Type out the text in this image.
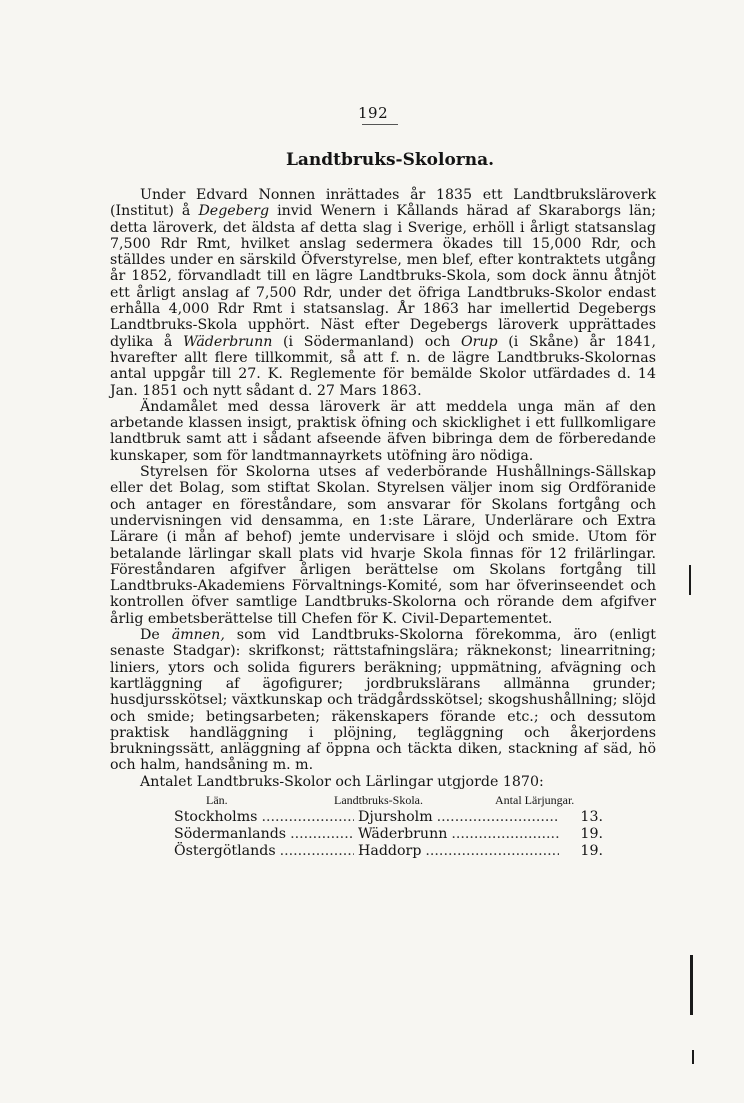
192
Landtbruks-Skolorna.

Under Edvard Nonnen inrättades år 1835 ett Landtbruksläroverk (Institut) å Degeberg invid Wenern i Kållands härad af Skaraborgs län; detta läroverk, det äldsta af detta slag i Sverige, erhöll i årligt statsanslag 7,500 Rdr Rmt, hvilket anslag sedermera ökades till 15,000 Rdr, och ställdes under en särskild Öfverstyrelse, men blef, efter kontraktets utgång år 1852, förvandladt till en lägre Landtbruks-Skola, som dock ännu åtnjöt ett årligt anslag af 7,500 Rdr, under det öfriga Landtbruks-Skolor endast erhålla 4,000 Rdr Rmt i statsanslag. År 1863 har imellertid Degebergs Landtbruks-Skola upphört. Näst efter Degebergs läroverk upprättades dylika å Wäderbrunn (i Södermanland) och Orup (i Skåne) år 1841, hvarefter allt flere tillkommit, så att f. n. de lägre Landtbruks-Skolornas antal uppgår till 27. K. Reglemente för bemälde Skolor utfärdades d. 14 Jan. 1851 och nytt sådant d. 27 Mars 1863.

Ändamålet med dessa läroverk är att meddela unga män af den arbetande klassen insigt, praktisk öfning och skicklighet i ett fullkomligare landtbruk samt att i sådant afseende äfven bibringa dem de förberedande kunskaper, som för landtmannayrkets utöfning äro nödiga.

Styrelsen för Skolorna utses af vederbörande Hushållnings-Sällskap eller det Bolag, som stiftat Skolan. Styrelsen väljer inom sig Ordföranide och antager en föreståndare, som ansvarar för Skolans fortgång och undervisningen vid densamma, en 1:ste Lärare, Underlärare och Extra Lärare (i mån af behof) jemte undervisare i slöjd och smide. Utom för betalande lärlingar skall plats vid hvarje Skola finnas för 12 frilärlingar. Föreståndaren afgifver årligen berättelse om Skolans fortgång till Landtbruks-Akademiens Förvaltnings-Komité, som har öfverinseendet och kontrollen öfver samtlige Landtbruks-Skolorna och rörande dem afgifver årlig embetsberättelse till Chefen för K. Civil-Departementet.

De ämnen, som vid Landtbruks-Skolorna förekomma, äro (enligt senaste Stadgar): skrifkonst; rättstafningslära; räknekonst; linearritning; liniers, ytors och solida figurers beräkning; uppmätning, afvägning och kartläggning af ägofigurer; jordbrukslärans allmänna grunder; husdjursskötsel; växtkunskap och trädgårdsskötsel; skogshushållning; slöjd och smide; betingsarbeten; räkenskapers förande etc.; och dessutom praktisk handläggning i plöjning, tegläggning och åkerjordens brukningssätt, anläggning af öppna och täckta diken, stackning af säd, hö och halm, handsåning m. m.

Antalet Landtbruks-Skolor och Lärlingar utgjorde 1870:

Län.	Landtbruks-Skola.	Antal Lärjungar.
Stockholms .....	Djursholm .....	13.
Södermanlands .....	Wäderbrunn .....	19.
Östergötlands .....	Haddorp .....	19.
